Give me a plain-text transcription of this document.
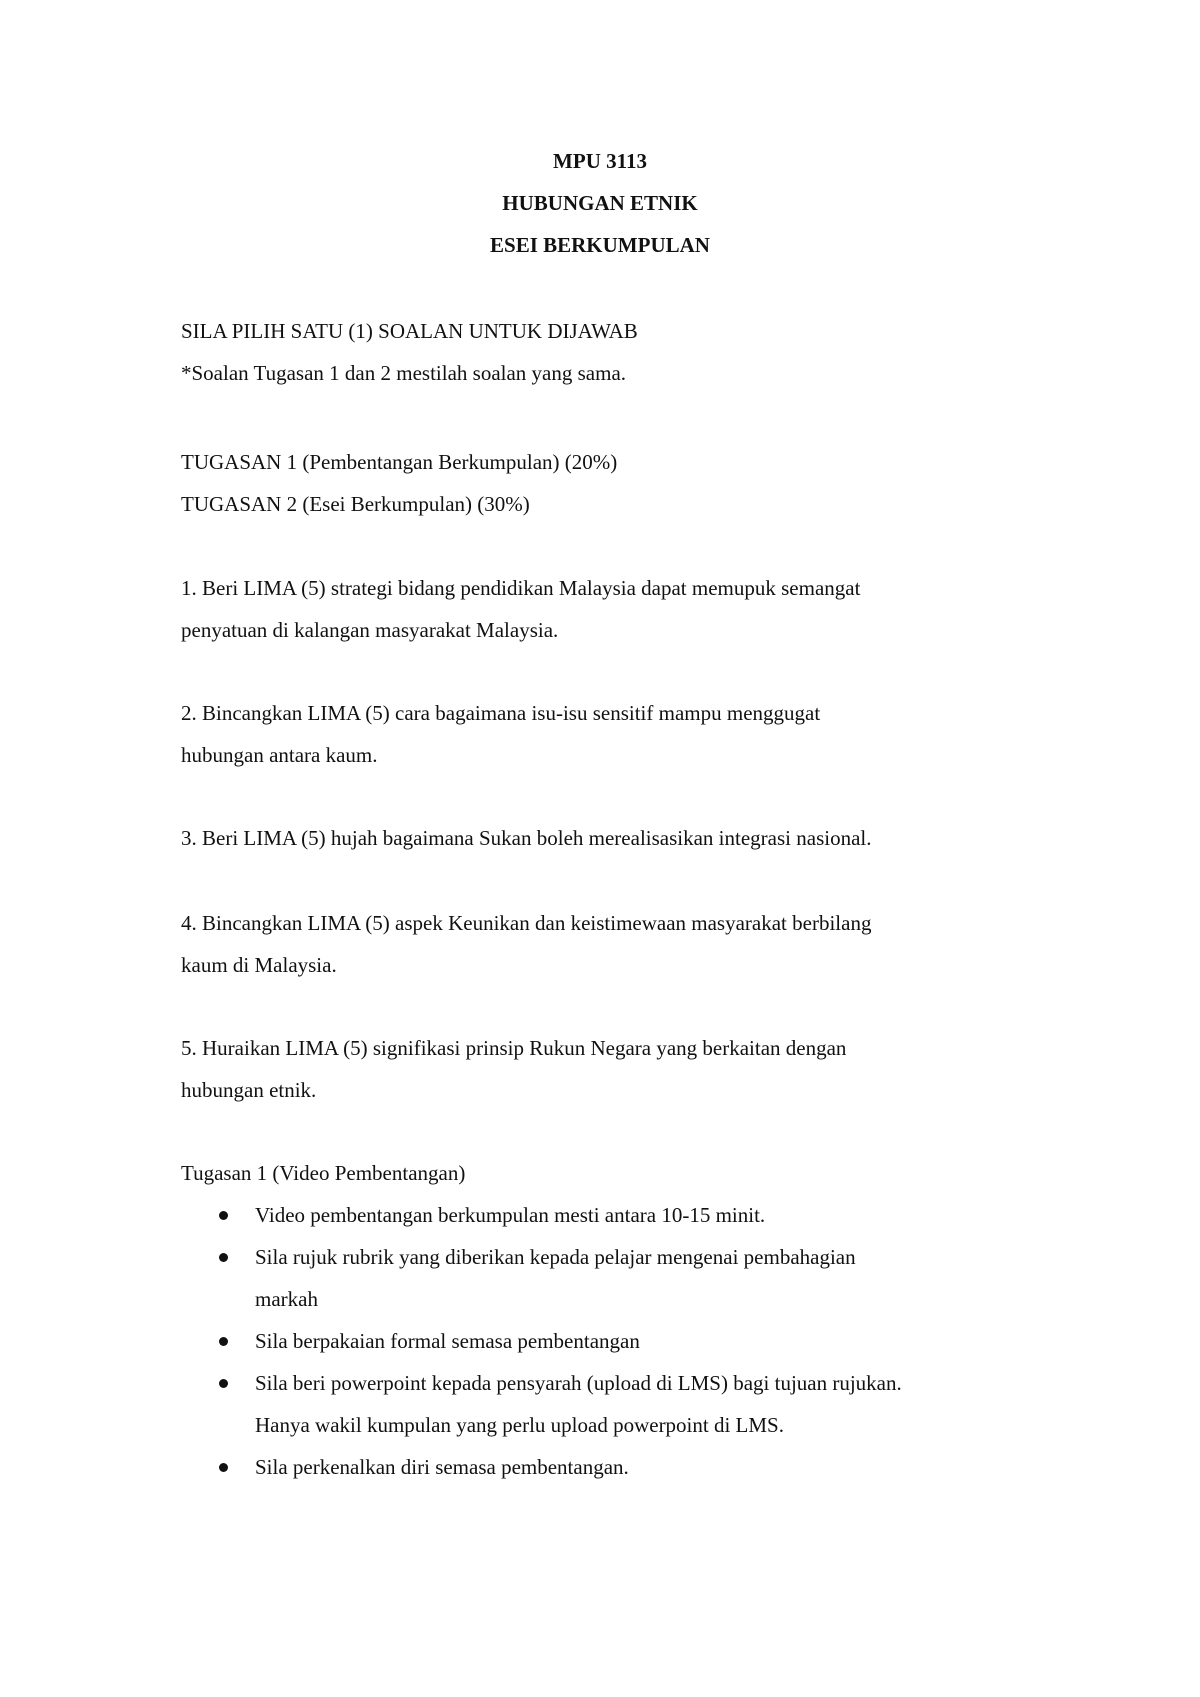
MPU 3113
HUBUNGAN ETNIK
ESEI BERKUMPULAN
SILA PILIH SATU (1) SOALAN UNTUK DIJAWAB
*Soalan Tugasan 1 dan 2 mestilah soalan yang sama.
TUGASAN 1 (Pembentangan Berkumpulan) (20%)
TUGASAN 2 (Esei Berkumpulan) (30%)
1. Beri LIMA (5) strategi bidang pendidikan Malaysia dapat memupuk semangat
penyatuan di kalangan masyarakat Malaysia.
2. Bincangkan LIMA (5) cara bagaimana isu-isu sensitif mampu menggugat
hubungan antara kaum.
3. Beri LIMA (5) hujah bagaimana Sukan boleh merealisasikan integrasi nasional.
4. Bincangkan LIMA (5) aspek Keunikan dan keistimewaan masyarakat berbilang
kaum di Malaysia.
5. Huraikan LIMA (5) signifikasi prinsip Rukun Negara yang berkaitan dengan
hubungan etnik.
Tugasan 1 (Video Pembentangan)
Video pembentangan berkumpulan mesti antara 10-15 minit.
Sila rujuk rubrik yang diberikan kepada pelajar mengenai pembahagian
markah
Sila berpakaian formal semasa pembentangan
Sila beri powerpoint kepada pensyarah (upload di LMS) bagi tujuan rujukan.
Hanya wakil kumpulan yang perlu upload powerpoint di LMS.
Sila perkenalkan diri semasa pembentangan.
